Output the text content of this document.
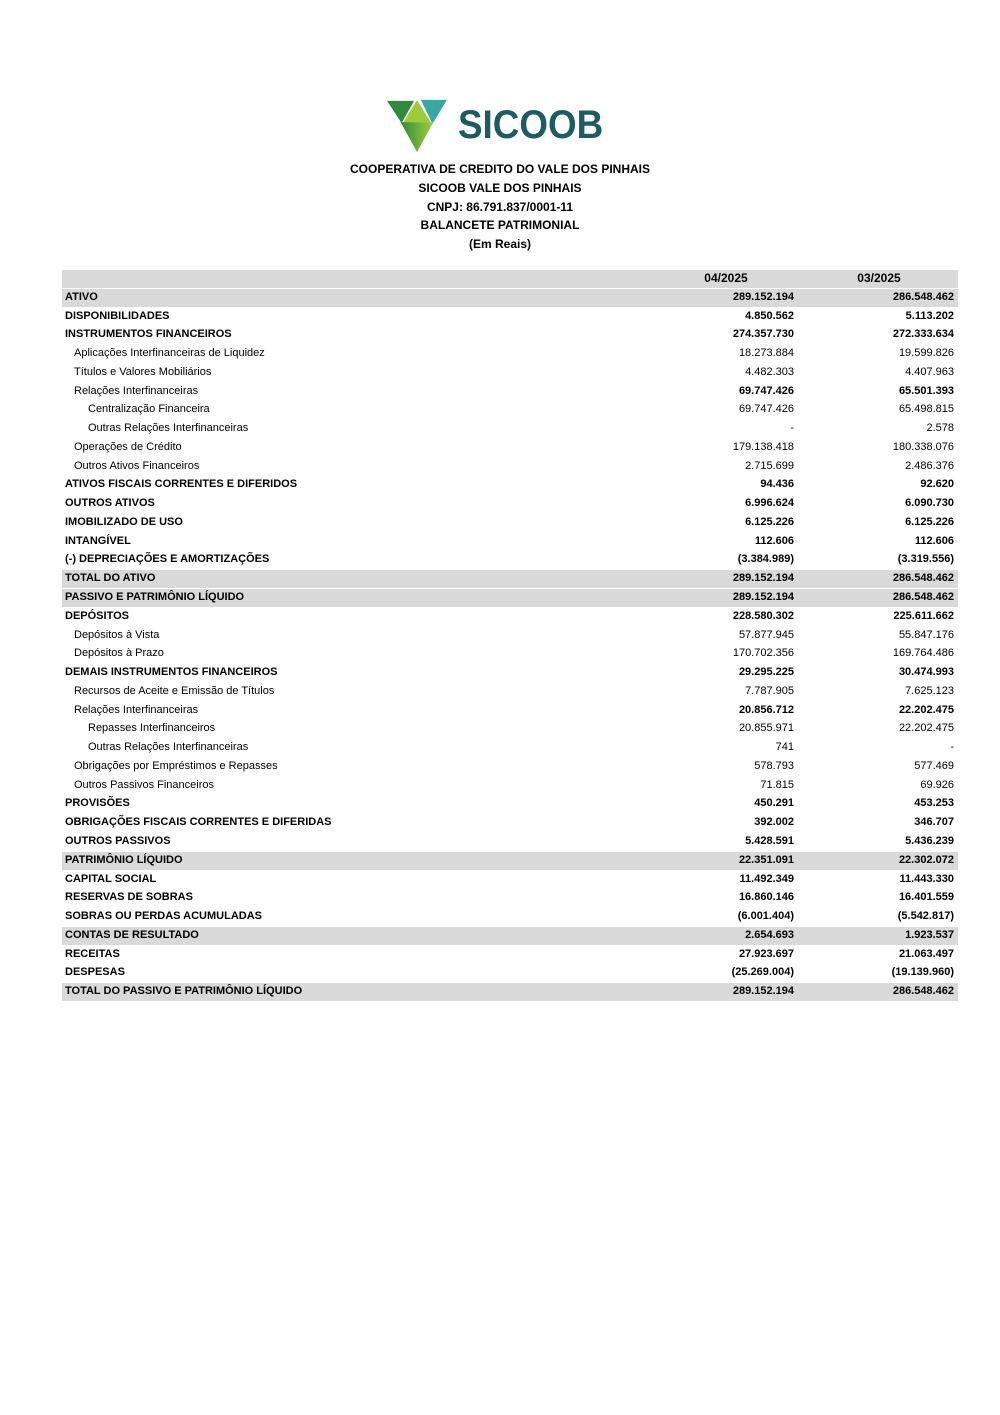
SICOOB
COOPERATIVA DE CREDITO DO VALE DOS PINHAIS
SICOOB VALE DOS PINHAIS
CNPJ: 86.791.837/0001-11
BALANCETE PATRIMONIAL
(Em Reais)
04/2025	03/2025
ATIVO	289.152.194	286.548.462
DISPONIBILIDADES	4.850.562	5.113.202
INSTRUMENTOS FINANCEIROS	274.357.730	272.333.634
Aplicações Interfinanceiras de Liquidez	18.273.884	19.599.826
Títulos e Valores Mobiliários	4.482.303	4.407.963
Relações Interfinanceiras	69.747.426	65.501.393
Centralização Financeira	69.747.426	65.498.815
Outras Relações Interfinanceiras	-	2.578
Operações de Crédito	179.138.418	180.338.076
Outros Ativos Financeiros	2.715.699	2.486.376
ATIVOS FISCAIS CORRENTES E DIFERIDOS	94.436	92.620
OUTROS ATIVOS	6.996.624	6.090.730
IMOBILIZADO DE USO	6.125.226	6.125.226
INTANGÍVEL	112.606	112.606
(-) DEPRECIAÇÕES E AMORTIZAÇÕES	(3.384.989)	(3.319.556)
TOTAL DO ATIVO	289.152.194	286.548.462
PASSIVO E PATRIMÔNIO LÍQUIDO	289.152.194	286.548.462
DEPÓSITOS	228.580.302	225.611.662
Depósitos à Vista	57.877.945	55.847.176
Depósitos à Prazo	170.702.356	169.764.486
DEMAIS INSTRUMENTOS FINANCEIROS	29.295.225	30.474.993
Recursos de Aceite e Emissão de Títulos	7.787.905	7.625.123
Relações Interfinanceiras	20.856.712	22.202.475
Repasses Interfinanceiros	20.855.971	22.202.475
Outras Relações Interfinanceiras	741	-
Obrigações por Empréstimos e Repasses	578.793	577.469
Outros Passivos Financeiros	71.815	69.926
PROVISÕES	450.291	453.253
OBRIGAÇÕES FISCAIS CORRENTES E DIFERIDAS	392.002	346.707
OUTROS PASSIVOS	5.428.591	5.436.239
PATRIMÔNIO LÍQUIDO	22.351.091	22.302.072
CAPITAL SOCIAL	11.492.349	11.443.330
RESERVAS DE SOBRAS	16.860.146	16.401.559
SOBRAS OU PERDAS ACUMULADAS	(6.001.404)	(5.542.817)
CONTAS DE RESULTADO	2.654.693	1.923.537
RECEITAS	27.923.697	21.063.497
DESPESAS	(25.269.004)	(19.139.960)
TOTAL DO PASSIVO E PATRIMÔNIO LÍQUIDO	289.152.194	286.548.462
